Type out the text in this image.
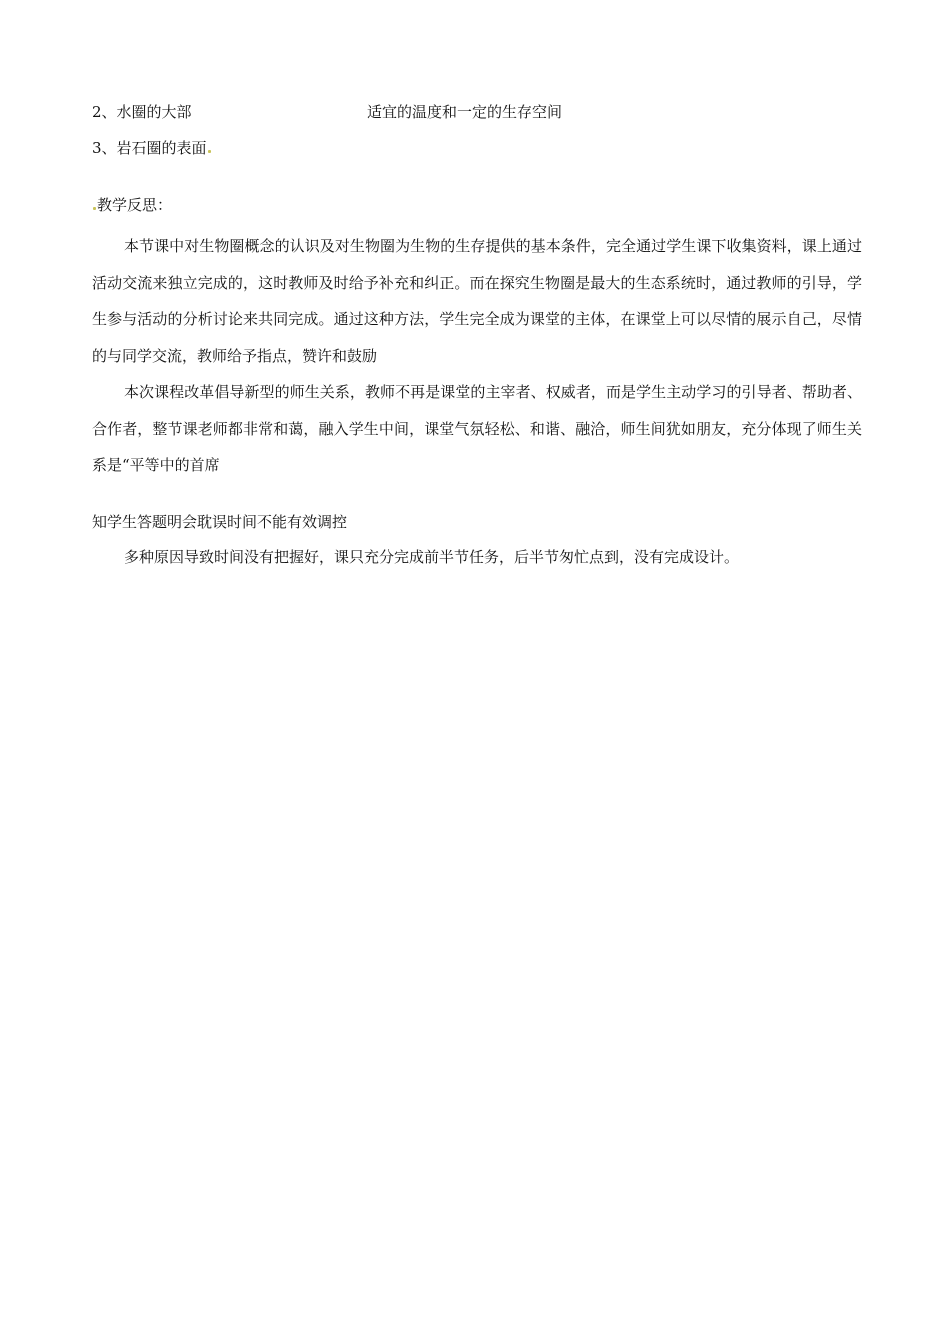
2、水圈的大部	适宜的温度和一定的生存空间
3、岩石圈的表面
教学反思：
本节课中对生物圈概念的认识及对生物圈为生物的生存提供的基本条件，完全通过学生课下收集资料，课上通过活动交流来独立完成的，这时教师及时给予补充和纠正。而在探究生物圈是最大的生态系统时，通过教师的引导，学生参与活动的分析讨论来共同完成。通过这种方法，学生完全成为课堂的主体，在课堂上可以尽情的展示自己，尽情的与同学交流，教师给予指点，赞许和鼓励
本次课程改革倡导新型的师生关系，教师不再是课堂的主宰者、权威者，而是学生主动学习的引导者、帮助者、合作者，整节课老师都非常和蔼，融入学生中间，课堂气氛轻松、和谐、融洽，师生间犹如朋友，充分体现了师生关系是“平等中的首席
知学生答题明会耽误时间不能有效调控
多种原因导致时间没有把握好，课只充分完成前半节任务，后半节匆忙点到，没有完成设计。
